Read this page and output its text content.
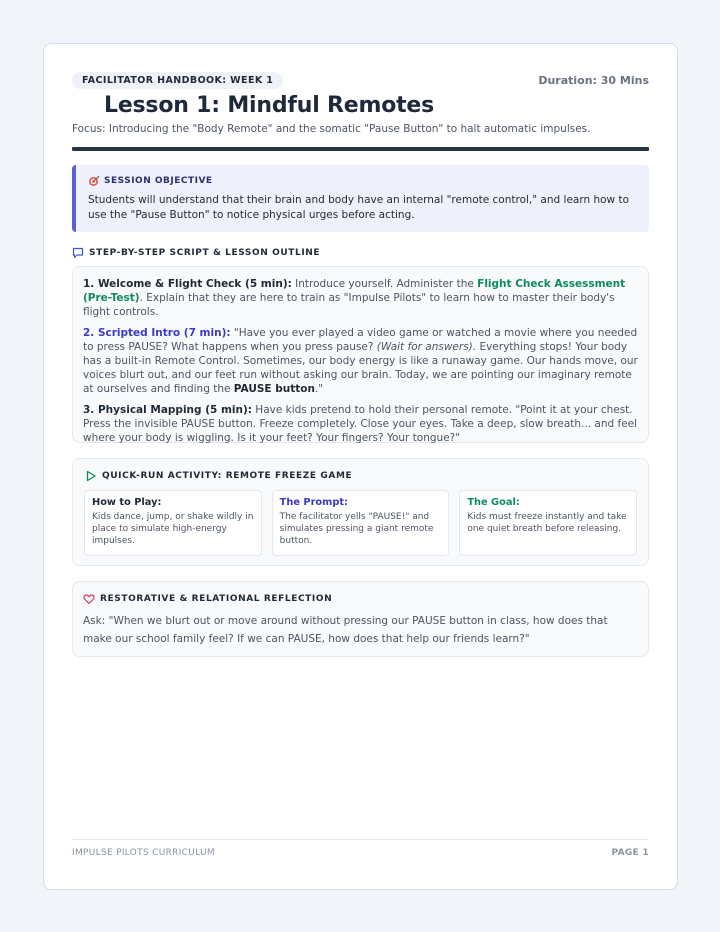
FACILITATOR HANDBOOK: WEEK 1	Duration: 30 Mins
Lesson 1: Mindful Remotes
Focus: Introducing the "Body Remote" and the somatic "Pause Button" to halt automatic impulses.
SESSION OBJECTIVE
Students will understand that their brain and body have an internal "remote control," and learn how to use the "Pause Button" to notice physical urges before acting.
STEP-BY-STEP SCRIPT & LESSON OUTLINE

1. Welcome & Flight Check (5 min): Introduce yourself. Administer the Flight Check Assessment (Pre-Test). Explain that they are here to train as "Impulse Pilots" to learn how to master their body's flight controls.

2. Scripted Intro (7 min): "Have you ever played a video game or watched a movie where you needed to press PAUSE? What happens when you press pause? (Wait for answers). Everything stops! Your body has a built-in Remote Control. Sometimes, our body energy is like a runaway game. Our hands move, our voices blurt out, and our feet run without asking our brain. Today, we are pointing our imaginary remote at ourselves and finding the PAUSE button."

3. Physical Mapping (5 min): Have kids pretend to hold their personal remote. "Point it at your chest. Press the invisible PAUSE button. Freeze completely. Close your eyes. Take a deep, slow breath... and feel where your body is wiggling. Is it your feet? Your fingers? Your tongue?"

QUICK-RUN ACTIVITY: REMOTE FREEZE GAME
How to Play:
Kids dance, jump, or shake wildly in place to simulate high-energy impulses.
The Prompt:
The facilitator yells "PAUSE!" and simulates pressing a giant remote button.
The Goal:
Kids must freeze instantly and take one quiet breath before releasing.
RESTORATIVE & RELATIONAL REFLECTION
Ask: "When we blurt out or move around without pressing our PAUSE button in class, how does that make our school family feel? If we can PAUSE, how does that help our friends learn?"
IMPULSE PILOTS CURRICULUM	PAGE 1
